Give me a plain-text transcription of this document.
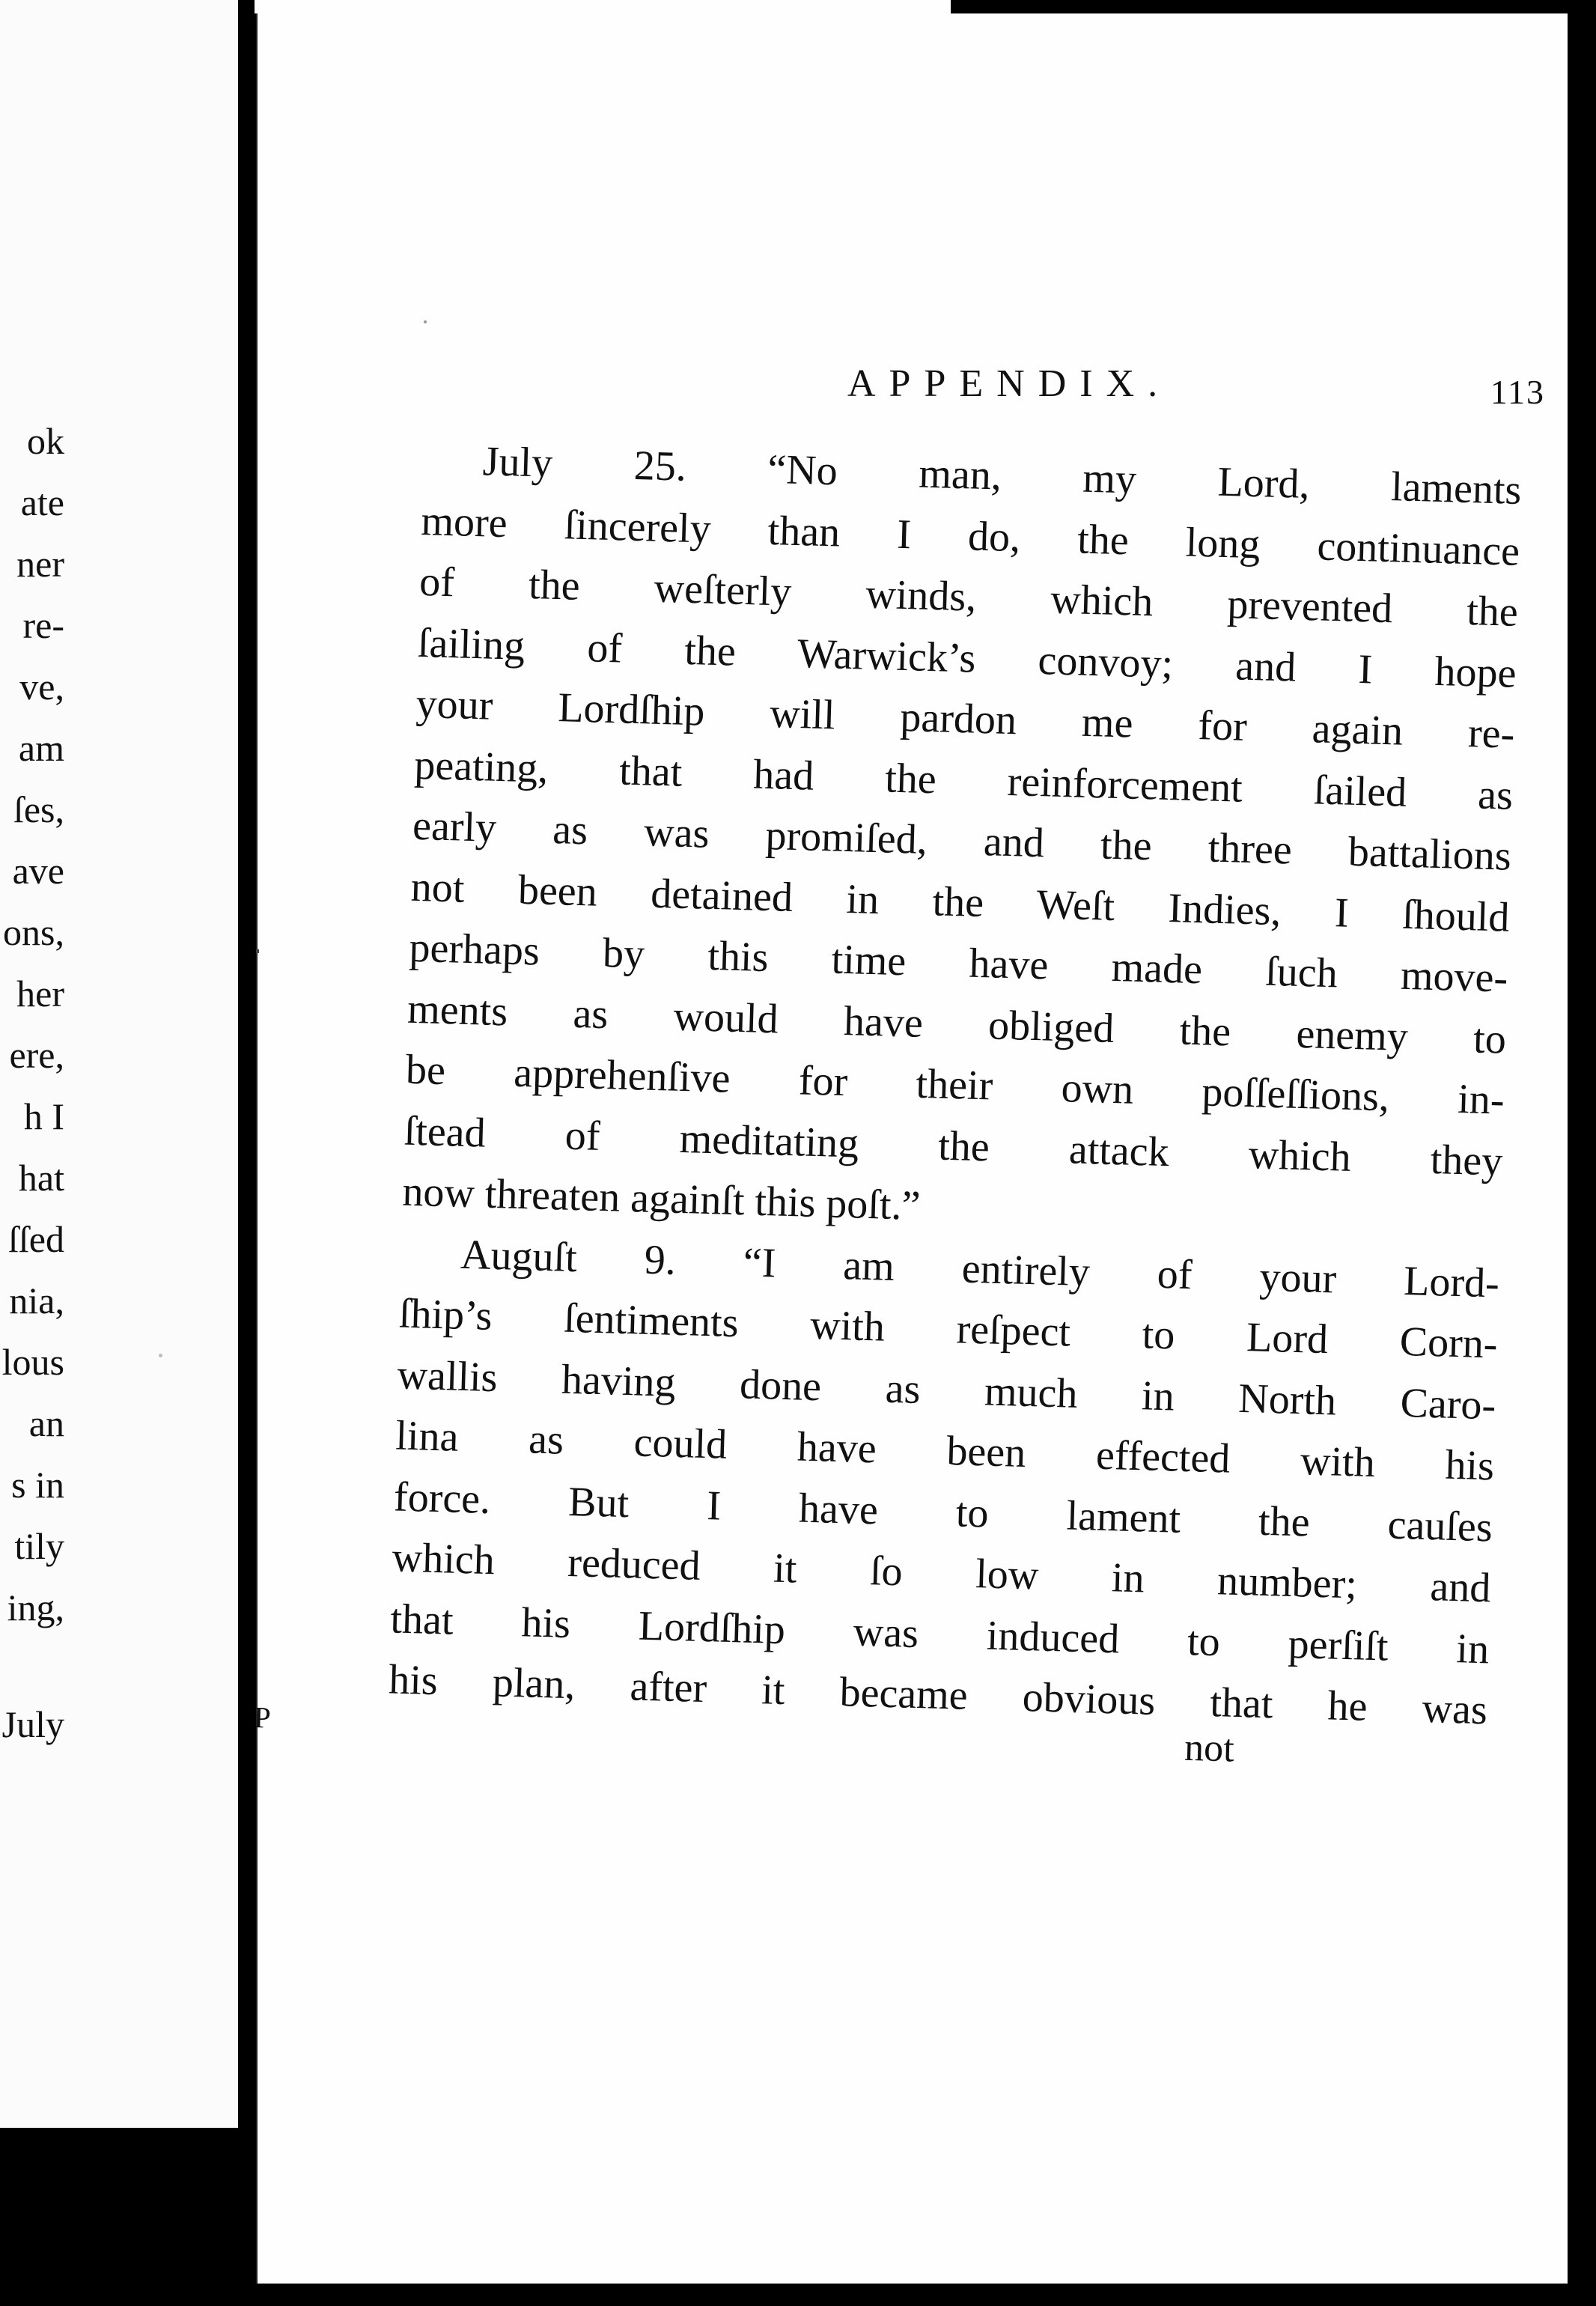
ok
ate
ner
re-
ve,
am
ſes,
ave
ons,
her
ere,
h I
hat
ſſed
nia,
lous
an
s in
tily
ing,
July
APPENDIX.	113
July 25. “No man, my Lord, laments
more ſincerely than I do, the long continuance
of the weſterly winds, which prevented the
ſailing of the Warwick’s convoy; and I hope
your Lordſhip will pardon me for again re-
peating, that had the reinforcement ſailed as
early as was promiſed, and the three battalions
not been detained in the Weſt Indies, I ſhould
perhaps by this time have made ſuch move-
ments as would have obliged the enemy to
be apprehenſive for their own poſſeſſions, in-
ſtead of meditating the attack which they
now threaten againſt this poſt.”
Auguſt 9. “I am entirely of your Lord-
ſhip’s ſentiments with reſpect to Lord Corn-
wallis having done as much in North Caro-
lina as could have been effected with his
force. But I have to lament the cauſes
which reduced it ſo low in number; and
that his Lordſhip was induced to perſiſt in
his plan, after it became obvious that he was
P
not
